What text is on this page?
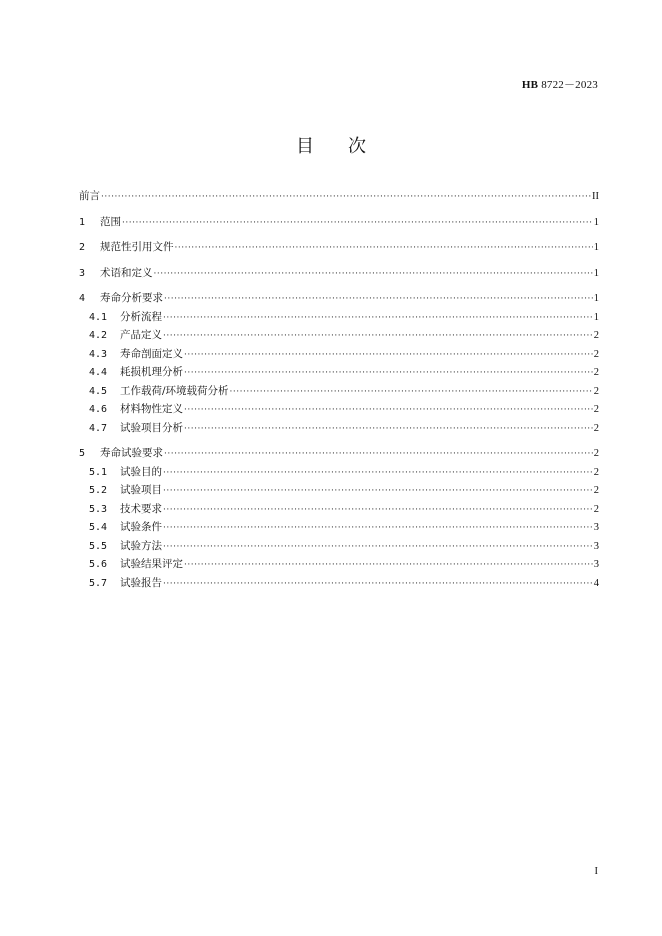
HB 8722－2023
目次
前言 ·····	II
1	范围 ·····	1
2	规范性引用文件 ·····	1
3	术语和定义 ·····	1
4	寿命分析要求 ·····	1
4.1	分析流程 ·····	1
4.2	产品定义 ·····	2
4.3	寿命剖面定义 ·····	2
4.4	耗损机理分析 ·····	2
4.5	工作载荷/环境载荷分析 ·····	2
4.6	材料物性定义 ·····	2
4.7	试验项目分析 ·····	2
5	寿命试验要求 ·····	2
5.1	试验目的 ·····	2
5.2	试验项目 ·····	2
5.3	技术要求 ·····	2
5.4	试验条件 ·····	3
5.5	试验方法 ·····	3
5.6	试验结果评定 ·····	3
5.7	试验报告 ·····	4
I
